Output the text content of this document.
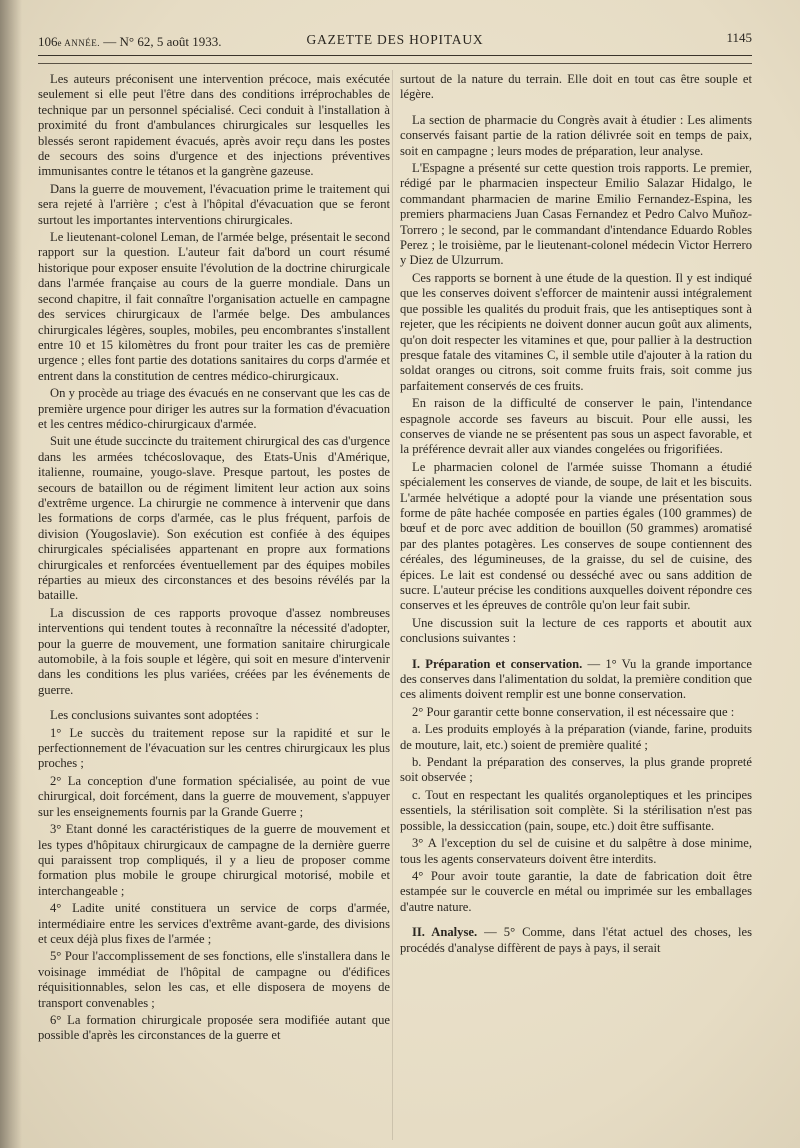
106e ANNÉE. — N° 62, 5 août 1933.	GAZETTE DES HOPITAUX	1145

Les auteurs préconisent une intervention précoce, mais exécutée seulement si elle peut l'être dans des conditions irréprochables de technique par un personnel spécialisé. Ceci conduit à l'installation à proximité du front d'ambulances chirurgicales sur lesquelles les blessés seront rapidement évacués, après avoir reçu dans les postes de secours des soins d'urgence et des injections préventives immunisantes contre le tétanos et la gangrène gazeuse.

Dans la guerre de mouvement, l'évacuation prime le traitement qui sera rejeté à l'arrière ; c'est à l'hôpital d'évacuation que se feront surtout les importantes interventions chirurgicales.

Le lieutenant-colonel Leman, de l'armée belge, présentait le second rapport sur la question. L'auteur fait da'bord un court résumé historique pour exposer ensuite l'évolution de la doctrine chirurgicale dans l'armée française au cours de la guerre mondiale. Dans un second chapitre, il fait connaître l'organisation actuelle en campagne des services chirurgicaux de l'armée belge. Des ambulances chirurgicales légères, souples, mobiles, peu encombrantes s'installent entre 10 et 15 kilomètres du front pour traiter les cas de première urgence ; elles font partie des dotations sanitaires du corps d'armée et entrent dans la constitution de centres médico-chirurgicaux.

On y procède au triage des évacués en ne conservant que les cas de première urgence pour diriger les autres sur la formation d'évacuation et les centres médico-chirurgicaux d'armée.

Suit une étude succincte du traitement chirurgical des cas d'urgence dans les armées tchécoslovaque, des Etats-Unis d'Amérique, italienne, roumaine, yougo-slave. Presque partout, les postes de secours de bataillon ou de régiment limitent leur action aux soins d'extrême urgence. La chirurgie ne commence à intervenir que dans les formations de corps d'armée, cas le plus fréquent, parfois de division (Yougoslavie). Son exécution est confiée à des équipes chirurgicales spécialisées appartenant en propre aux formations chirurgicales et renforcées éventuellement par des équipes mobiles réparties au mieux des circonstances et des besoins révélés par la bataille.

La discussion de ces rapports provoque d'assez nombreuses interventions qui tendent toutes à reconnaître la nécessité d'adopter, pour la guerre de mouvement, une formation sanitaire chirurgicale automobile, à la fois souple et légère, qui soit en mesure d'intervenir dans les conditions les plus variées, créées par les événements de guerre.

Les conclusions suivantes sont adoptées :

1° Le succès du traitement repose sur la rapidité et sur le perfectionnement de l'évacuation sur les centres chirurgicaux les plus proches ;

2° La conception d'une formation spécialisée, au point de vue chirurgical, doit forcément, dans la guerre de mouvement, s'appuyer sur les enseignements fournis par la Grande Guerre ;

3° Etant donné les caractéristiques de la guerre de mouvement et les types d'hôpitaux chirurgicaux de campagne de la dernière guerre qui paraissent trop compliqués, il y a lieu de proposer comme formation plus mobile le groupe chirurgical motorisé, mobile et interchangeable ;

4° Ladite unité constituera un service de corps d'armée, intermédiaire entre les services d'extrême avant-garde, des divisions et ceux déjà plus fixes de l'armée ;

5° Pour l'accomplissement de ses fonctions, elle s'installera dans le voisinage immédiat de l'hôpital de campagne ou d'édifices réquisitionnables, selon les cas, et elle disposera de moyens de transport convenables ;

6° La formation chirurgicale proposée sera modifiée autant que possible d'après les circonstances de la guerre et

surtout de la nature du terrain. Elle doit en tout cas être souple et légère.

La section de pharmacie du Congrès avait à étudier : Les aliments conservés faisant partie de la ration délivrée soit en temps de paix, soit en campagne ; leurs modes de préparation, leur analyse.

L'Espagne a présenté sur cette question trois rapports. Le premier, rédigé par le pharmacien inspecteur Emilio Salazar Hidalgo, le commandant pharmacien de marine Emilio Fernandez-Espina, les premiers pharmaciens Juan Casas Fernandez et Pedro Calvo Muñoz-Torrero ; le second, par le commandant d'intendance Eduardo Robles Perez ; le troisième, par le lieutenant-colonel médecin Victor Herrero y Diez de Ulzurrum.

Ces rapports se bornent à une étude de la question. Il y est indiqué que les conserves doivent s'efforcer de maintenir aussi intégralement que possible les qualités du produit frais, que les antiseptiques sont à rejeter, que les récipients ne doivent donner aucun goût aux aliments, qu'on doit respecter les vitamines et que, pour pallier à la destruction presque fatale des vitamines C, il semble utile d'ajouter à la ration du soldat oranges ou citrons, soit comme fruits frais, soit comme jus parfaitement conservés de ces fruits.

En raison de la difficulté de conserver le pain, l'intendance espagnole accorde ses faveurs au biscuit. Pour elle aussi, les conserves de viande ne se présentent pas sous un aspect favorable, et la préférence devrait aller aux viandes congelées ou frigorifiées.

Le pharmacien colonel de l'armée suisse Thomann a étudié spécialement les conserves de viande, de soupe, de lait et les biscuits. L'armée helvétique a adopté pour la viande une présentation sous forme de pâte hachée composée en parties égales (100 grammes) de bœuf et de porc avec addition de bouillon (50 grammes) aromatisé par des plantes potagères. Les conserves de soupe contiennent des céréales, des légumineuses, de la graisse, du sel de cuisine, des épices. Le lait est condensé ou desséché avec ou sans addition de sucre. L'auteur précise les conditions auxquelles doivent répondre ces conserves et les épreuves de contrôle qu'on leur fait subir.

Une discussion suit la lecture de ces rapports et aboutit aux conclusions suivantes :

I. Préparation et conservation. — 1° Vu la grande importance des conserves dans l'alimentation du soldat, la première condition que ces aliments doivent remplir est une bonne conservation.

2° Pour garantir cette bonne conservation, il est nécessaire que :

a. Les produits employés à la préparation (viande, farine, produits de mouture, lait, etc.) soient de première qualité ;

b. Pendant la préparation des conserves, la plus grande propreté soit observée ;

c. Tout en respectant les qualités organoleptiques et les principes essentiels, la stérilisation soit complète. Si la stérilisation n'est pas possible, la dessiccation (pain, soupe, etc.) doit être suffisante.

3° A l'exception du sel de cuisine et du salpêtre à dose minime, tous les agents conservateurs doivent être interdits.

4° Pour avoir toute garantie, la date de fabrication doit être estampée sur le couvercle en métal ou imprimée sur les emballages d'autre nature.

II. Analyse. — 5° Comme, dans l'état actuel des choses, les procédés d'analyse diffèrent de pays à pays, il serait
